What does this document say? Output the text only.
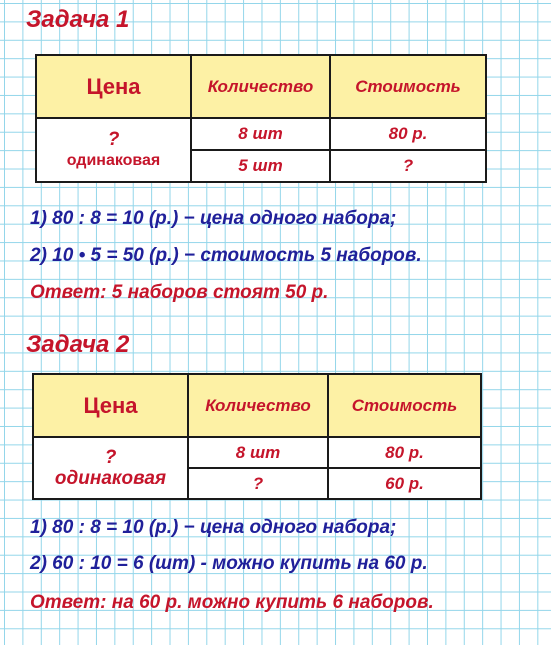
Задача 1
Цена	Количество	Стоимость

?
одинаковая	8 шт	80 р.
	5 шт	?
1) 80 : 8 = 10 (р.) − цена одного набора;
2) 10 • 5 = 50 (р.) − стоимость 5 наборов.
Ответ: 5 наборов стоят 50 р.
Задача 2
Цена	Количество	Стоимость

?
одинаковая	8 шт	80 р.
	?	60 р.
1) 80 : 8 = 10 (р.) − цена одного набора;
2) 60 : 10 = 6 (шт) - можно купить на 60 р.
Ответ: на 60 р. можно купить 6 наборов.
